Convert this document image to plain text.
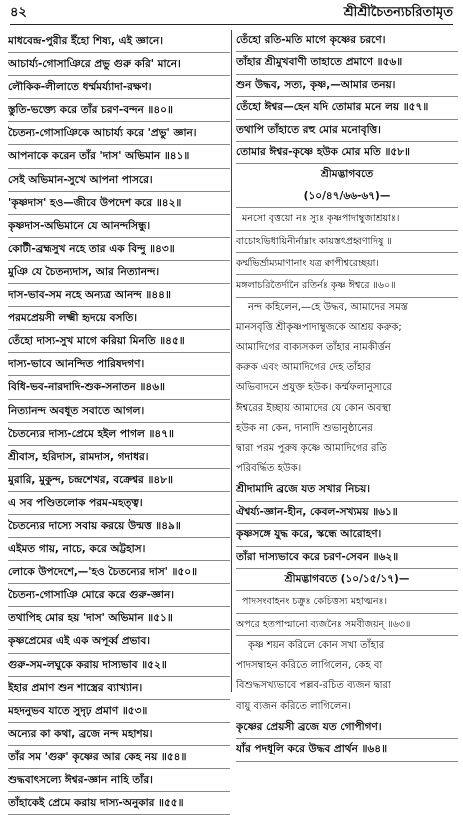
৪২	শ্রীশ্রীচৈতন্যচরিতামৃত
মাধবেন্দ্র-পুরীর ইঁহো শিষ্য, এই জ্ঞানে।
আচার্য্য-গোসাঞিরে প্রভু গুরু করি' মানে।
লৌকিক-লীলাতে ধর্ম্মমর্য্যাদা-রক্ষণ।
স্তুতি-ভক্ত্যে করে তাঁর চরণ-বন্দন ॥৪০॥
চৈতন্য-গোসাঞিকে আচার্য্য করে 'প্রভু' জ্ঞান।
আপনাকে করেন তাঁর 'দাস' অভিমান ॥৪১॥
সেই অভিমান-সুখে আপনা পাসরে।
'কৃষ্ণদাস' হও—জীবে উপদেশ করে ॥৪২॥
কৃষ্ণদাস-অভিমানে যে আনন্দসিন্ধু।
কোটী-ব্রহ্মসুখ নহে তার এক বিন্দু ॥৪৩॥
মুঞি যে চৈতন্যদাস, আর নিত্যানন্দ।
দাস-ভাব-সম নহে অন্যত্র আনন্দ ॥৪৪॥
পরমপ্রেয়সী লক্ষ্মী হৃদয়ে বসতি।
তেঁহো দাস্য-সুখ মাগে করিয়া মিনতি ॥৪৫॥
দাস্য-ভাবে আনন্দিত পারিষদগণ।
বিধি-ভব-নারদাদি-শুক-সনাতন ॥৪৬॥
নিত্যানন্দ অবধূত সবাতে আগল।
চৈতন্যের দাস্য-প্রেমে হইল পাগল ॥৪৭॥
শ্রীবাস, হরিদাস, রামদাস, গদাধর।
মুরারি, মুকুন্দ, চন্দ্রশেখর, বক্রেশ্বর ॥৪৮॥
এ সব পণ্ডিতলোক পরম-মহত্ত্ব।
চৈতন্যের দাস্যে সবায় করয়ে উন্মত্ত ॥৪৯॥
এইমত গায়, নাচে, করে অট্টহাস।
লোকে উপদেশে,—'হও চৈতন্যের দাস' ॥৫০॥
চৈতন্য-গোসাঞি মোরে করে গুরু-জ্ঞান।
তথাপিহ মোর হয় 'দাস' অভিমান ॥৫১॥
কৃষ্ণপ্রেমের এই এক অপূর্ব্ব প্রভাব।
গুরু-সম-লঘুকে করায় দাস্যভাব ॥৫২॥
ইহার প্রমাণ শুন শাস্ত্রের ব্যাখ্যান।
মহদনুভব যাতে সুদৃঢ় প্রমাণ ॥৫৩॥
অন্যের কা কথা, ব্রজে নন্দ মহাশয়।
তাঁর সম 'গুরু' কৃষ্ণের আর কেহ নয় ॥৫৪॥
শুদ্ধবাৎসল্যে ঈশ্বর-জ্ঞান নাহি তাঁর।
তাঁহাকেই প্রেমে করায় দাস্য-অনুকার ॥৫৫॥
তেঁহো রতি-মতি মাগে কৃষ্ণের চরণে।
তাঁহার শ্রীমুখবাণী তাহাতে প্রমাণে ॥৫৬॥
শুন উদ্ধব, সত্য, কৃষ্ণ,—আমার তনয়।
তেঁহো ঈশ্বর—হেন যদি তোমার মনে লয় ॥৫৭॥
তথাপি তাঁহাতে রহু মোর মনোবৃত্তি।
তোমার ঈশ্বর-কৃষ্ণে হউক মোর মতি ॥৫৮॥
শ্রীমদ্ভাগবতে
(১০/৪৭/৬৬-৬৭)—
মনসো বৃত্তয়ো নঃ স্যুঃ কৃষ্ণপাদাম্বুজাশ্রয়াঃ।
বাচোঽভিধায়িনীর্নাম্নাং কায়স্তৎপ্রহ্বণাদিষু ॥
কর্ম্মভির্ভ্রাম্যমাণানাং যত্র ক্বাপীশ্বরেচ্ছয়া।
মঙ্গলাচরিতৈর্দানৈ রতির্নঃ কৃষ্ণ ঈশ্বরে ॥৬০॥
নন্দ কহিলেন,—হে উদ্ধব, আমাদের সমস্ত
মানসবৃত্তি শ্রীকৃষ্ণপাদাম্বুজকে আশ্রয় করুক;
আমাদিগের বাক্যসকল তাঁহার নামকীর্ত্তন
করুক এবং আমাদিগের দেহ তাঁহার
অভিবাদনে প্রযুক্ত হউক। কর্ম্মফলানুসারে
ঈশ্বরের ইচ্ছায় আমাদের যে কোন অবস্থা
হউক না কেন, দানাদি শুভানুষ্ঠানের
দ্বারা পরম পুরুষ কৃষ্ণে আমাদিগের রতি
পরিবর্দ্ধিত হউক।
শ্রীদামাদি ব্রজে যত সখার নিচয়।
ঐশ্বর্য্য-জ্ঞান-হীন, কেবল-সখ্যময় ॥৬১॥
কৃষ্ণসঙ্গে যুদ্ধ করে, স্কন্ধে আরোহণ।
তাঁরা দাস্যভাবে করে চরণ-সেবন ॥৬২॥
শ্রীমদ্ভাগবতে (১০/১৫/১৭)—
পাদসংবাহনং চক্রুঃ কেচিত্তস্য মহাত্মনঃ।
অপরে হতপাপ্মানো ব্যজনৈঃ সমবীজয়ন্ ॥৬৩॥
কৃষ্ণ শয়ন করিলে কোন সখা তাঁহার
পাদসম্বাহন করিতে লাগিলেন, কেহ বা
বিশুদ্ধসখ্যভাবে পল্লব-রচিত ব্যজন দ্বারা
বায়ু ব্যজন করিতে লাগিলেন।
কৃষ্ণের প্রেয়সী ব্রজে যত গোপীগণ।
যাঁর পদধূলি করে উদ্ধব প্রার্থন ॥৬৪॥
